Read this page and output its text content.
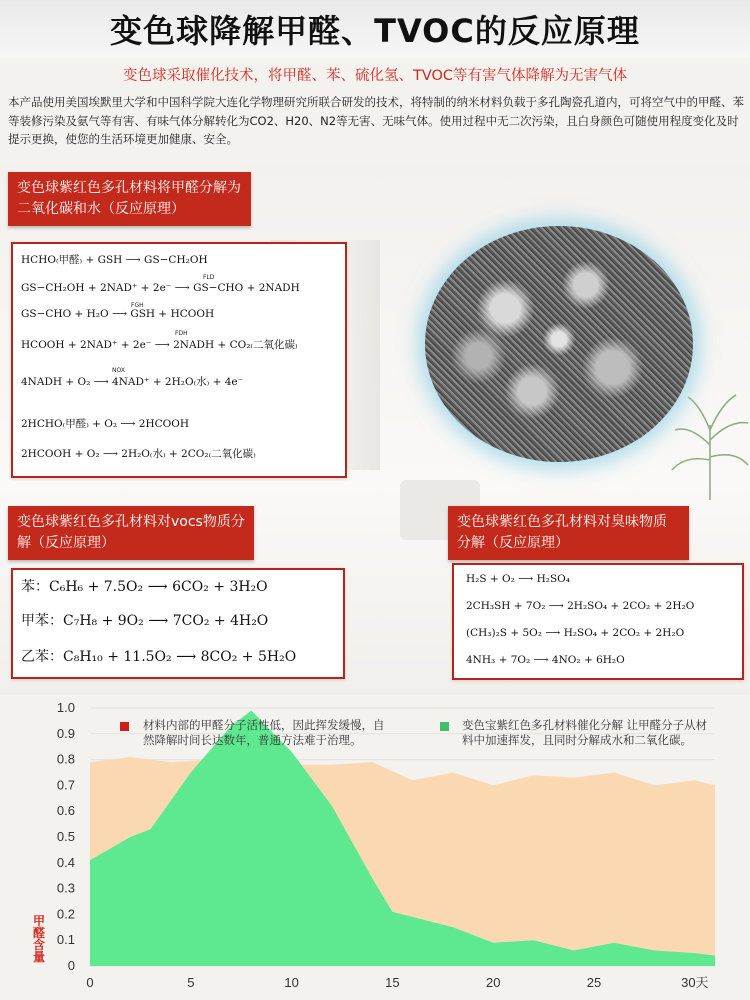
变色球降解甲醛、TVOC的反应原理
变色球采取催化技术，将甲醛、苯、硫化氢、TVOC等有害气体降解为无害气体
本产品使用美国埃默里大学和中国科学院大连化学物理研究所联合研发的技术，将特制的纳米材料负载于多孔陶瓷孔道内，可将空气中的甲醛、苯等装修污染及氨气等有害、有味气体分解转化为CO2、H20、N2等无害、无味气体。使用过程中无二次污染，且白身颜色可随使用程度变化及时提示更换，使您的生活环境更加健康、安全。
变色球紫红色多孔材料将甲醛分解为二氧化碳和水（反应原理）
HCHO₍甲醛₎ + GSH ⟶ GS−CH₂OH
GS−CH₂OH + 2NAD⁺ + 2e⁻ ⟶ GS−CHO + 2NADH
GS−CHO + H₂O ⟶ GSH + HCOOH
HCOOH + 2NAD⁺ + 2e⁻ ⟶ 2NADH + CO₂₍二氧化碳₎
4NADH + O₂ ⟶ 4NAD⁺ + 2H₂O₍水₎ + 4e⁻
2HCHO₍甲醛₎ + O₂ ⟶ 2HCOOH
2HCOOH + O₂ ⟶ 2H₂O₍水₎ + 2CO₂₍二氧化碳₎
FLD
FGH
FDH
NOX
变色球紫红色多孔材料对vocs物质分解（反应原理）
苯：C₆H₆ + 7.5O₂ ⟶ 6CO₂ + 3H₂O
甲苯：C₇H₈ + 9O₂ ⟶ 7CO₂ + 4H₂O
乙苯：C₈H₁₀ + 11.5O₂ ⟶ 8CO₂ + 5H₂O
变色球紫红色多孔材料对臭味物质分解（反应原理）
H₂S + O₂ ⟶ H₂SO₄
2CH₃SH + 7O₂ ⟶ 2H₂SO₄ + 2CO₂ + 2H₂O
(CH₃)₂S + 5O₂ ⟶ H₂SO₄ + 2CO₂ + 2H₂O
4NH₃ + 7O₂ ⟶ 4NO₂ + 6H₂O
0
0.1
0.2
0.3
0.4
0.5
0.6
0.7
0.8
0.9
1.0
0	5	10	15	20	25	30天
材料内部的甲醛分子活性低，因此挥发缓慢，自然降解时间长达数年，普通方法难于治理。
变色宝紫红色多孔材料催化分解 让甲醛分子从材料中加速挥发，且同时分解成水和二氧化碳。
甲醛含量
